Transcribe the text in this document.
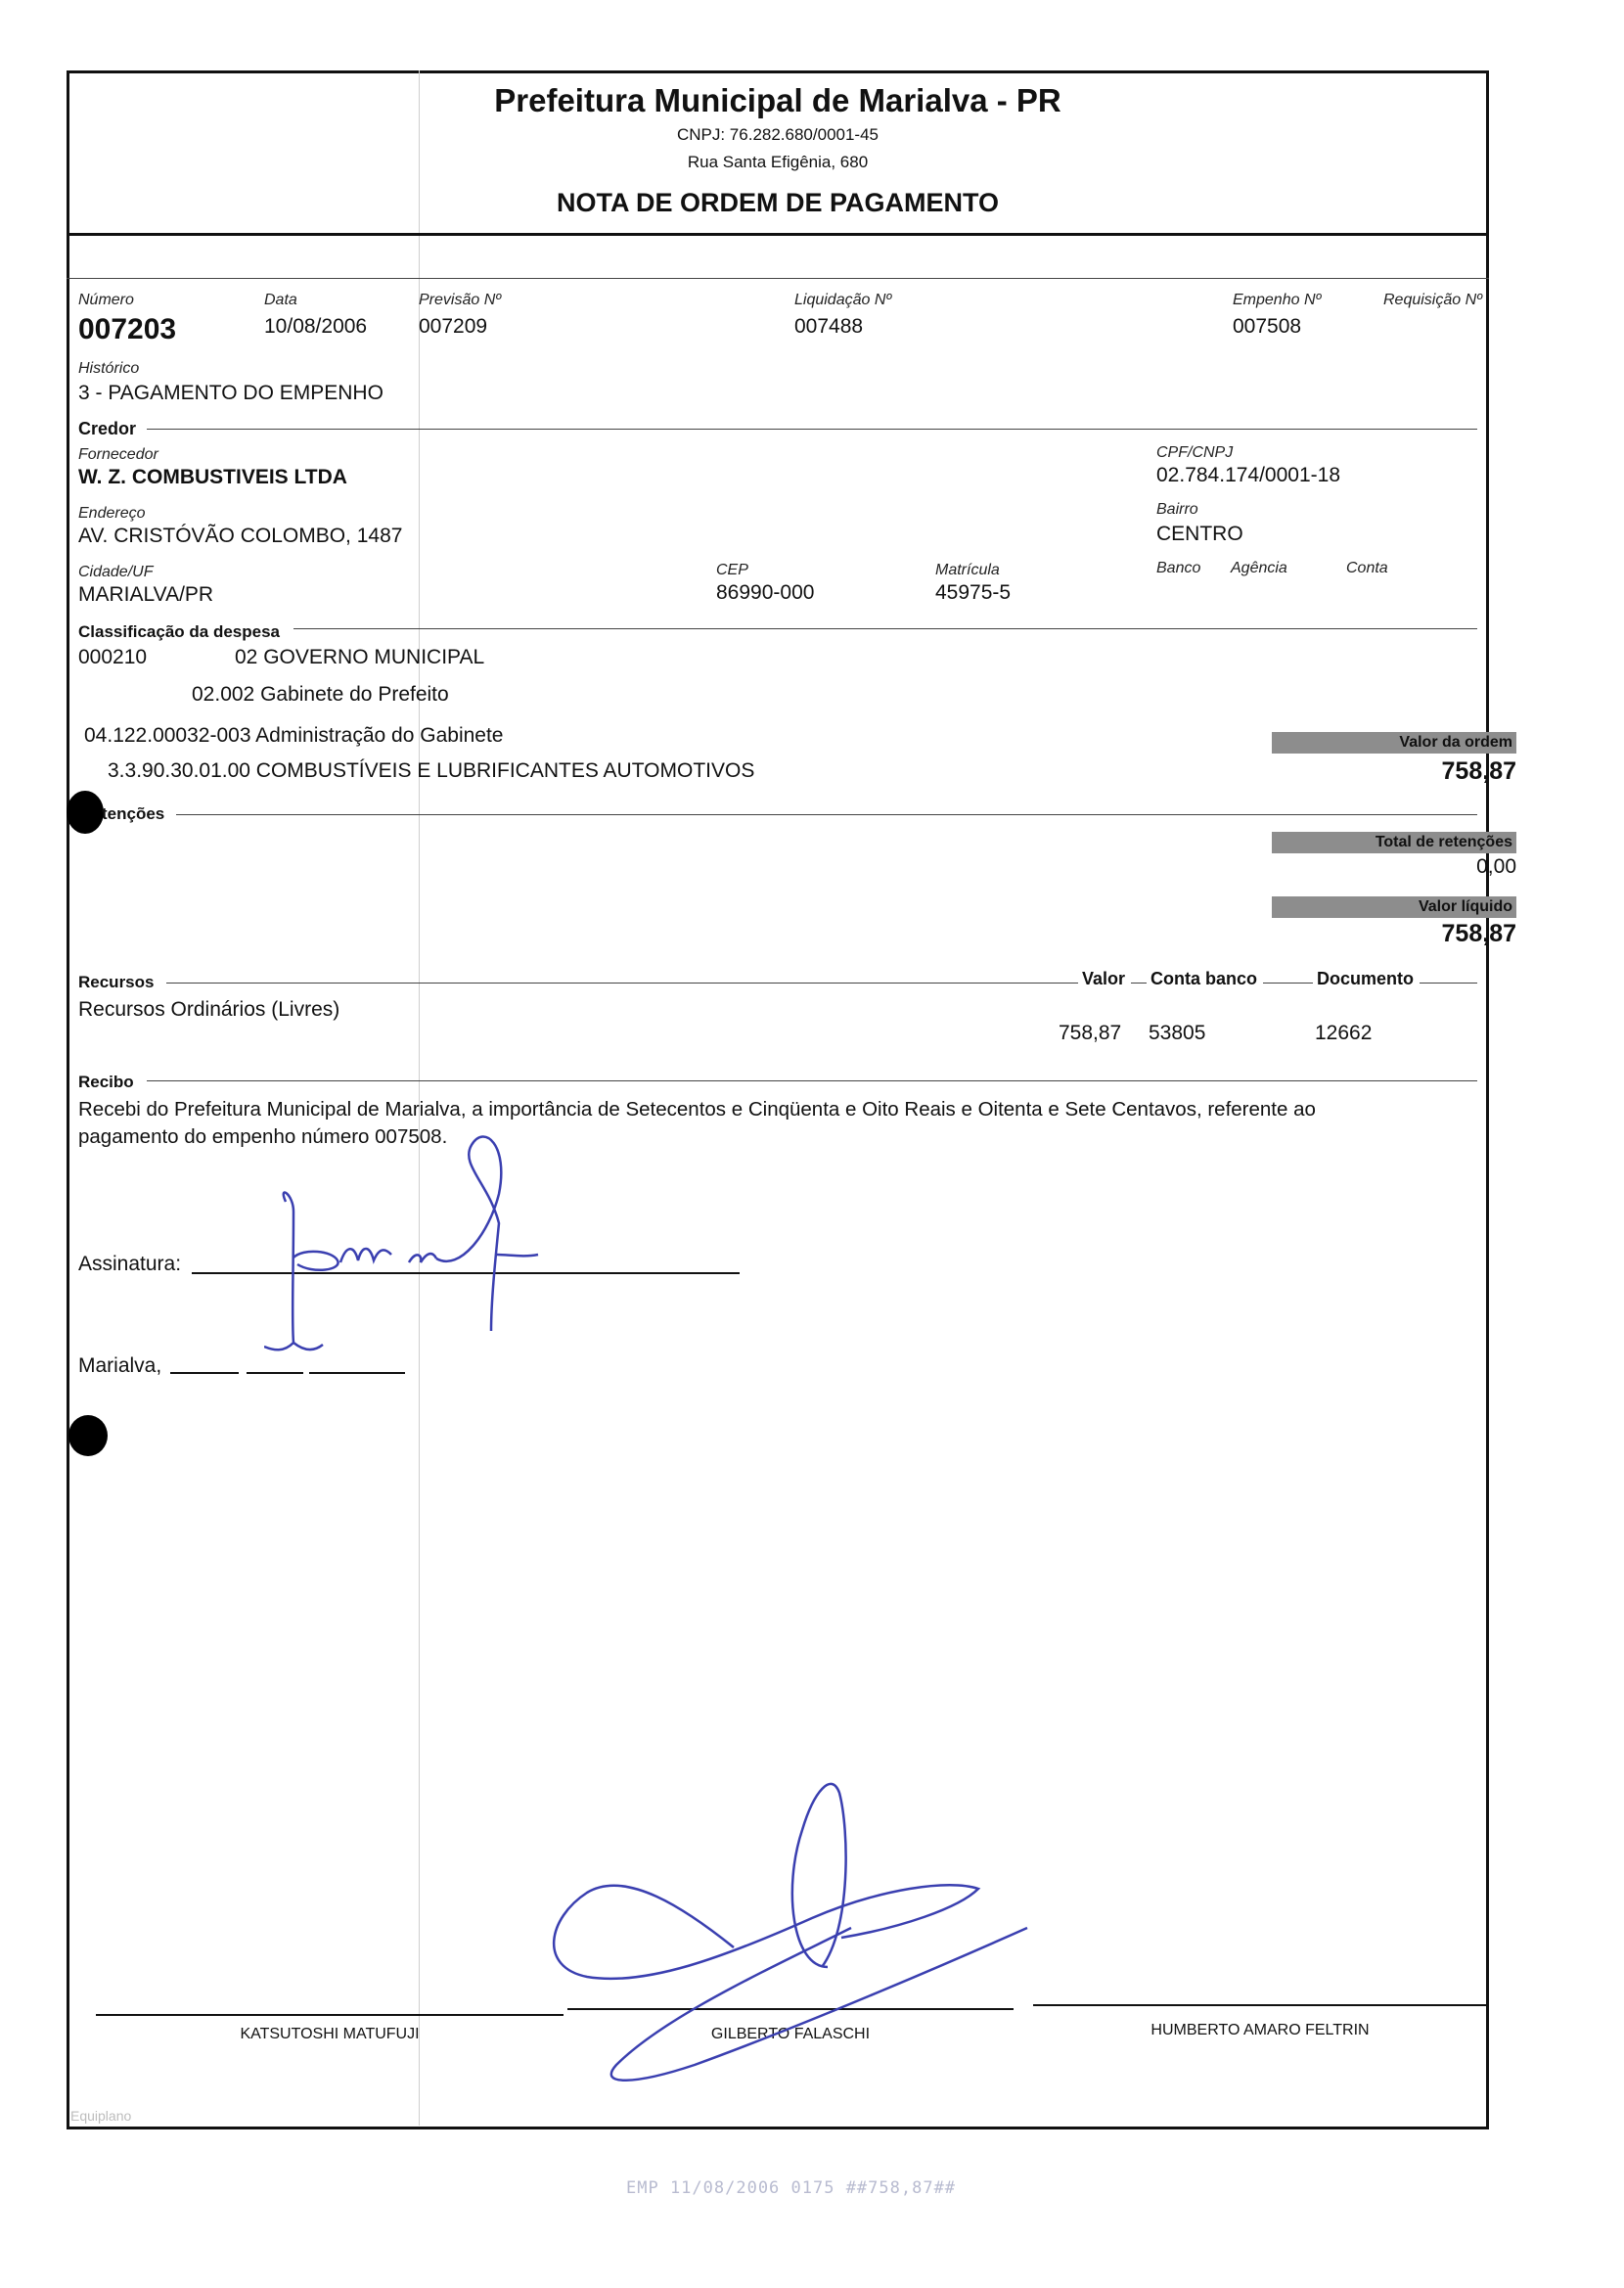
Prefeitura Municipal de Marialva - PR
CNPJ: 76.282.680/0001-45
Rua Santa Efigênia, 680
NOTA DE ORDEM DE PAGAMENTO
Número
007203
Data
10/08/2006
Previsão Nº
007209
Liquidação Nº
007488
Empenho Nº
007508
Requisição Nº
Histórico
3 - PAGAMENTO DO EMPENHO
Credor
Fornecedor
W. Z. COMBUSTIVEIS LTDA
CPF/CNPJ
02.784.174/0001-18
Endereço
AV. CRISTÓVÃO COLOMBO, 1487
Bairro
CENTRO
Cidade/UF
MARIALVA/PR
CEP
86990-000
Matrícula
45975-5
Banco Agência	Conta
Classificação da despesa
000210	02 GOVERNO MUNICIPAL
02.002 Gabinete do Prefeito
04.122.00032-003 Administração do Gabinete
3.3.90.30.01.00 COMBUSTÍVEIS E LUBRIFICANTES AUTOMOTIVOS
Valor da ordem
758,87
tenções
Total de retenções
0,00
Valor líquido
758,87
Recursos	Valor	Conta banco	Documento
Recursos Ordinários (Livres)
758,87 53805	12662
Recibo
Recebi do Prefeitura Municipal de Marialva, a importância de Setecentos e Cinqüenta e Oito Reais e Oitenta e Sete Centavos, referente ao
pagamento do empenho número 007508.
Assinatura:
Marialva,
KATSUTOSHI MATUFUJI	GILBERTO FALASCHI	HUMBERTO AMARO FELTRIN
Equiplano
EMP 11/08/2006 0175 ##758,87##
